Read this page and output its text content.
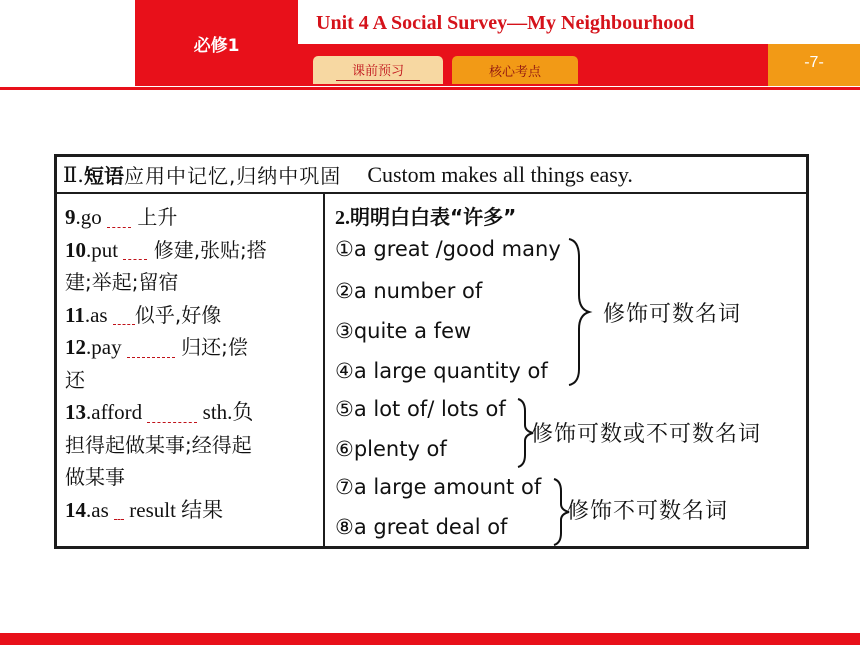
必修1
Unit 4 A Social Survey—My Neighbourhood
课前预习	核心考点
-7-
Ⅱ. 短语 应用中记忆,归纳中巩固 Custom makes all things easy.
9.go  上升
10.put  修建,张贴;搭
建;举起;留宿
11.as 似乎,好像
12.pay  归还;偿
还
13.afford  sth.负
担得起做某事;经得起
做某事
14.as  result 结果
2.明明白白表“许多”
①a great /good many
②a number of
③quite a few
④a large quantity of
⑤a lot of/ lots of
⑥plenty of
⑦a large amount of
⑧a great deal of
修饰可数名词
修饰可数或不可数名词
修饰不可数名词
